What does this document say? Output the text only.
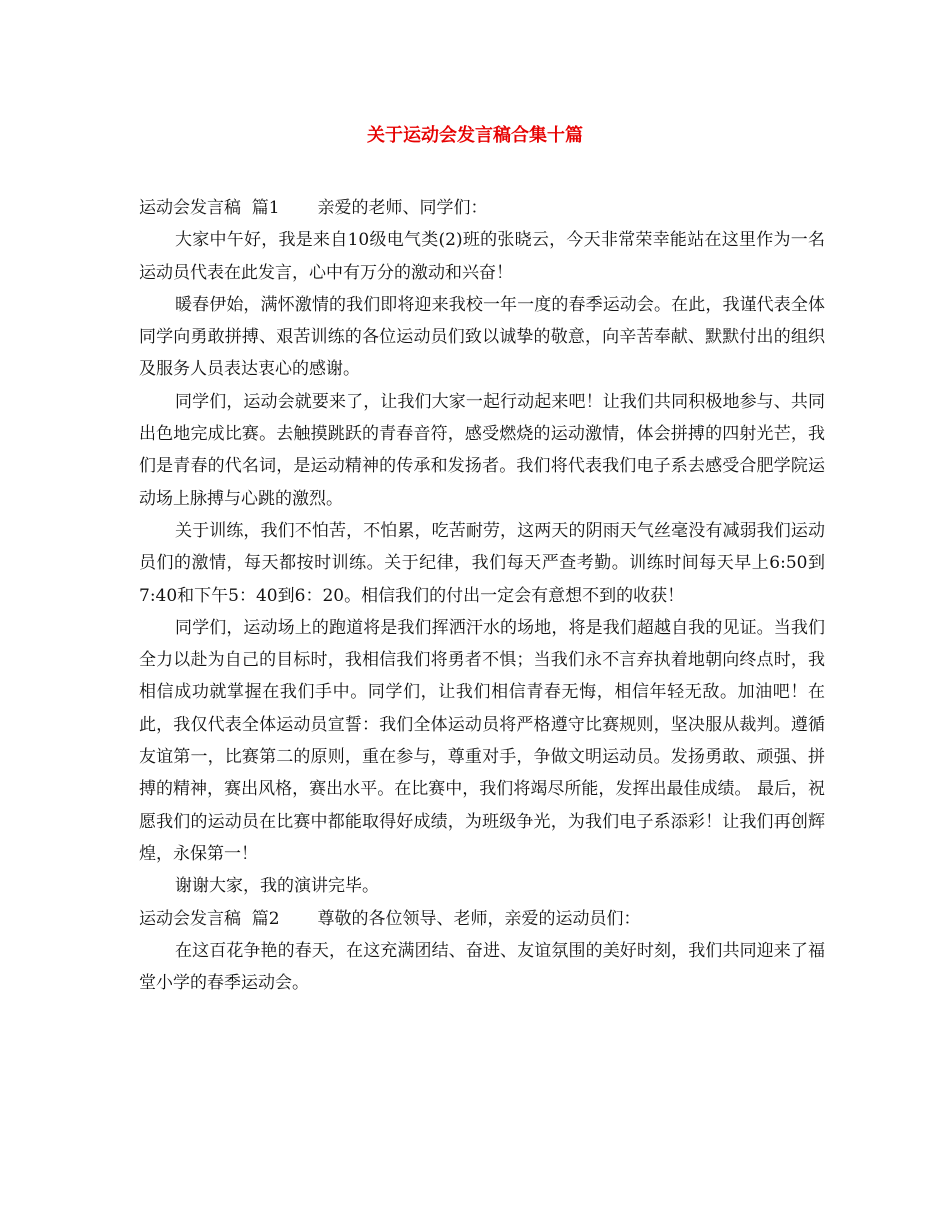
关于运动会发言稿合集十篇

运动会发言稿  篇1       亲爱的老师、同学们：

大家中午好，我是来自10级电气类(2)班的张晓云，今天非常荣幸能站在这里作为一名运动员代表在此发言，心中有万分的激动和兴奋！

暖春伊始，满怀激情的我们即将迎来我校一年一度的春季运动会。在此，我谨代表全体同学向勇敢拼搏、艰苦训练的各位运动员们致以诚挚的敬意，向辛苦奉献、默默付出的组织及服务人员表达衷心的感谢。

同学们，运动会就要来了，让我们大家一起行动起来吧！让我们共同积极地参与、共同出色地完成比赛。去触摸跳跃的青春音符，感受燃烧的运动激情，体会拼搏的四射光芒，我们是青春的代名词，是运动精神的传承和发扬者。我们将代表我们电子系去感受合肥学院运动场上脉搏与心跳的激烈。

关于训练，我们不怕苦，不怕累，吃苦耐劳，这两天的阴雨天气丝毫没有减弱我们运动员们的激情，每天都按时训练。关于纪律，我们每天严查考勤。训练时间每天早上6:50到7:40和下午5：40到6：20。相信我们的付出一定会有意想不到的收获！

同学们，运动场上的跑道将是我们挥洒汗水的场地，将是我们超越自我的见证。当我们全力以赴为自己的目标时，我相信我们将勇者不惧；当我们永不言弃执着地朝向终点时，我相信成功就掌握在我们手中。同学们，让我们相信青春无悔，相信年轻无敌。加油吧！在此，我仅代表全体运动员宣誓：我们全体运动员将严格遵守比赛规则，坚决服从裁判。遵循友谊第一，比赛第二的原则，重在参与，尊重对手，争做文明运动员。发扬勇敢、顽强、拼搏的精神，赛出风格，赛出水平。在比赛中，我们将竭尽所能，发挥出最佳成绩。 最后，祝愿我们的运动员在比赛中都能取得好成绩，为班级争光，为我们电子系添彩！让我们再创辉煌，永保第一！

谢谢大家，我的演讲完毕。

运动会发言稿  篇2       尊敬的各位领导、老师，亲爱的运动员们：

在这百花争艳的春天，在这充满团结、奋进、友谊氛围的美好时刻，我们共同迎来了福堂小学的春季运动会。
